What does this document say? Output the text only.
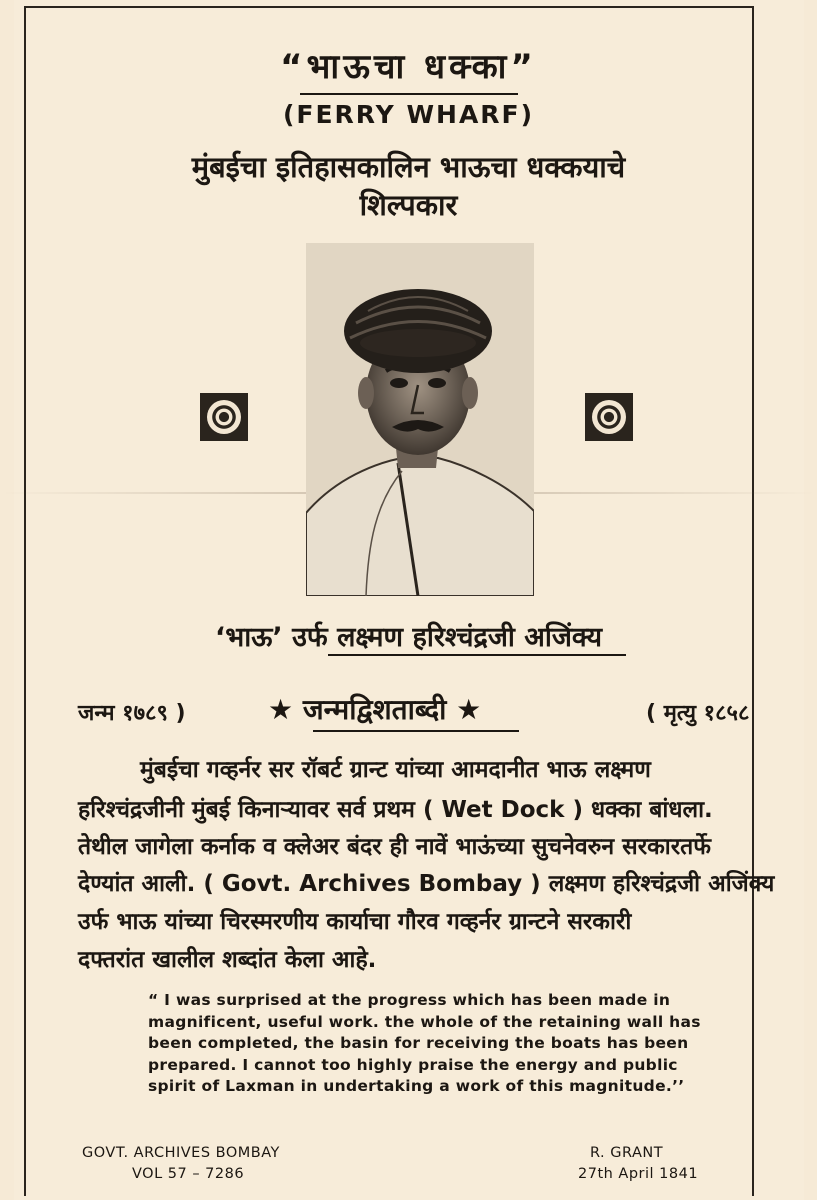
“भाऊचा धक्का”
(FERRY WHARF)
मुंबईचा इतिहासकालिन भाऊचा धक्कयाचे
शिल्पकार
‘भाऊ’ उर्फ लक्ष्मण हरिश्चंद्रजी अजिंक्य
जन्म १७८९ )	★ जन्मद्विशताब्दी ★	( मृत्यु १८५८
मुंबईचा गव्हर्नर सर रॉबर्ट ग्रान्ट यांच्या आमदानीत भाऊ लक्ष्मण
हरिश्चंद्रजीनी मुंबई किनाऱ्यावर सर्व प्रथम ( Wet Dock ) धक्का बांधला.
तेथील जागेला कर्नाक व क्लेअर बंदर ही नावें भाऊंच्या सुचनेवरुन सरकारतर्फे
देण्यांत आली. ( Govt. Archives Bombay ) लक्ष्मण हरिश्चंद्रजी अजिंक्य
उर्फ भाऊ यांच्या चिरस्मरणीय कार्याचा गौरव गव्हर्नर ग्रान्टने सरकारी
दफ्तरांत खालील शब्दांत केला आहे.
“ I was surprised at the progress which has been made in magnificent, useful work. the whole of the retaining wall has been completed, the basin for receiving the boats has been prepared. I cannot too highly praise the energy and public spirit of Laxman in undertaking a work of this magnitude.’’
GOVT. ARCHIVES BOMBAY
VOL 57 – 7286
R. GRANT
27th April 1841
